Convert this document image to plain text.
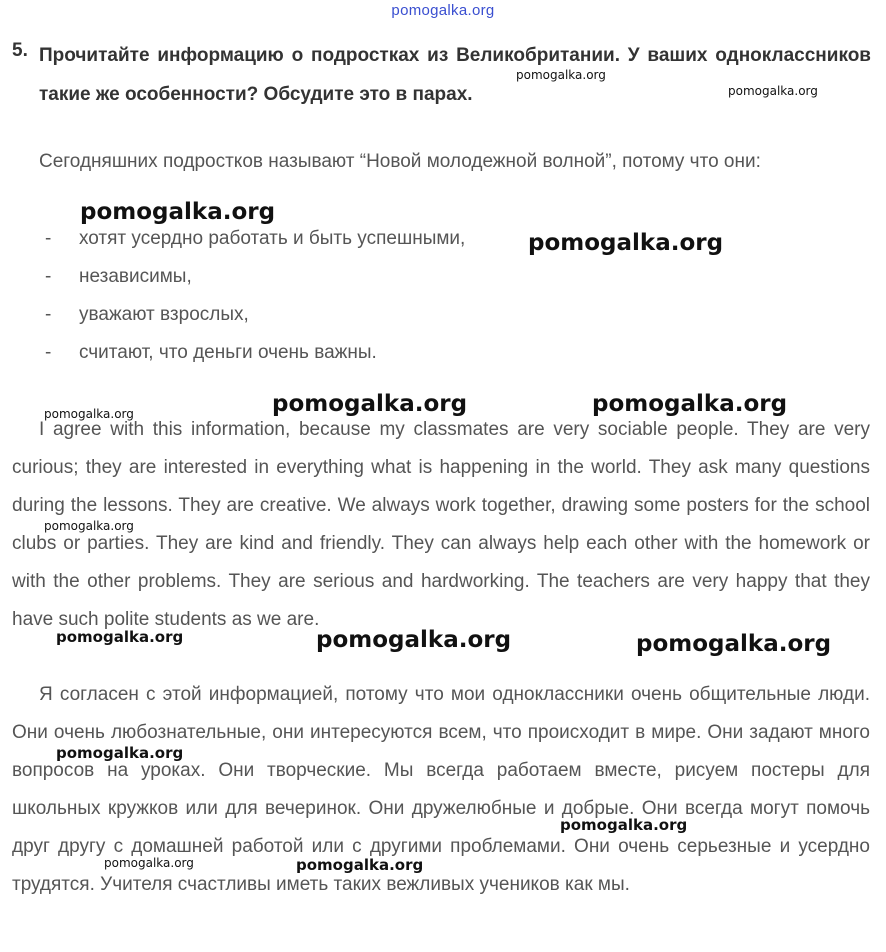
pomogalka.org
5. Прочитайте информацию о подростках из Великобритании. У ваших одноклассников такие же особенности? Обсудите это в парах.

Сегодняшних подростков называют “Новой молодежной волной”, потому что они:

- хотят усердно работать и быть успешными,
- независимы,
- уважают взрослых,
- считают, что деньги очень важны.

I agree with this information, because my classmates are very sociable people. They are very curious; they are interested in everything what is happening in the world. They ask many questions during the lessons. They are creative. We always work together, drawing some posters for the school clubs or parties. They are kind and friendly. They can always help each other with the homework or with the other problems. They are serious and hardworking. The teachers are very happy that they have such polite students as we are.

Я согласен с этой информацией, потому что мои одноклассники очень общительные люди. Они очень любознательные, они интересуются всем, что происходит в мире. Они задают много вопросов на уроках. Они творческие. Мы всегда работаем вместе, рисуем постеры для школьных кружков или для вечеринок. Они дружелюбные и добрые. Они всегда могут помочь друг другу с домашней работой или с другими проблемами. Они очень серьезные и усердно трудятся. Учителя счастливы иметь таких вежливых учеников как мы.

pomogalka.org
pomogalka.org
pomogalka.org
pomogalka.org
pomogalka.org	pomogalka.org	pomogalka.org
pomogalka.org
pomogalka.org	pomogalka.org	pomogalka.org
pomogalka.org
pomogalka.org
pomogalka.org	pomogalka.org
